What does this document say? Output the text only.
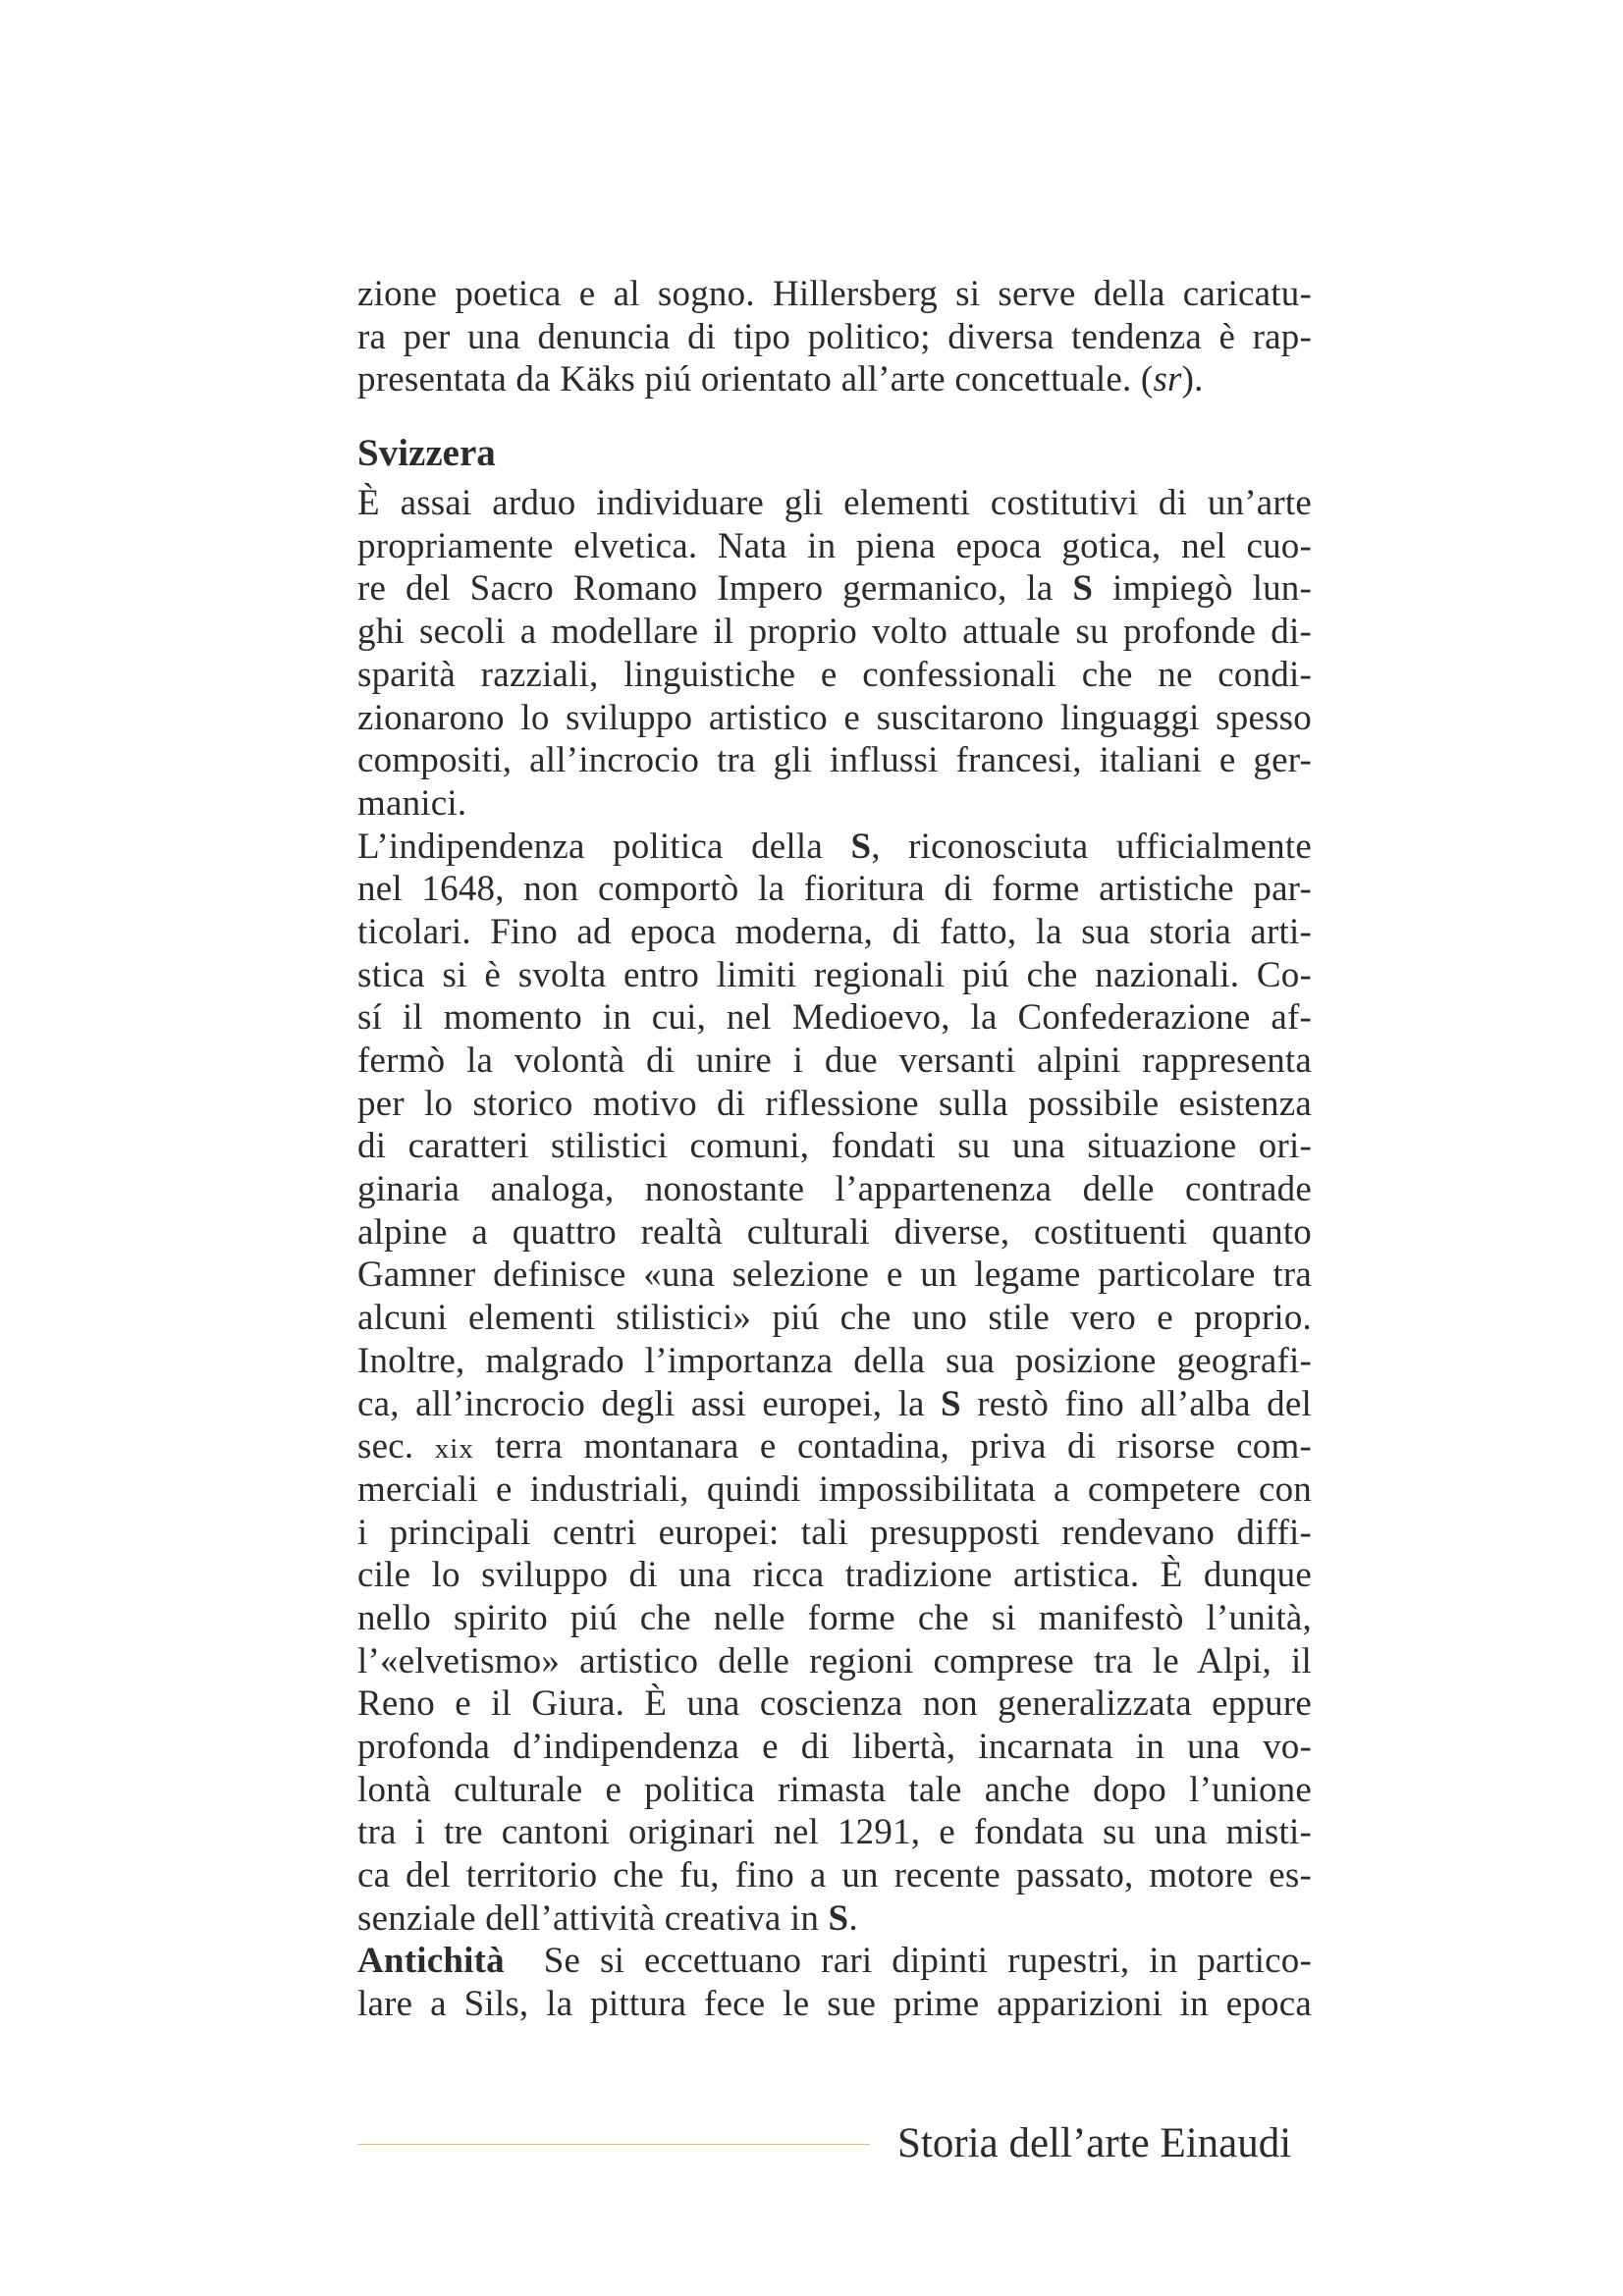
zione poetica e al sogno. Hillersberg si serve della caricatu-
ra per una denuncia di tipo politico; diversa tendenza è rap-
presentata da Käks piú orientato all’arte concettuale. (sr).
Svizzera
È assai arduo individuare gli elementi costitutivi di un’arte
propriamente elvetica. Nata in piena epoca gotica, nel cuo-
re del Sacro Romano Impero germanico, la S impiegò lun-
ghi secoli a modellare il proprio volto attuale su profonde di-
sparità razziali, linguistiche e confessionali che ne condi-
zionarono lo sviluppo artistico e suscitarono linguaggi spesso
compositi, all’incrocio tra gli influssi francesi, italiani e ger-
manici.
L’indipendenza politica della S, riconosciuta ufficialmente
nel 1648, non comportò la fioritura di forme artistiche par-
ticolari. Fino ad epoca moderna, di fatto, la sua storia arti-
stica si è svolta entro limiti regionali piú che nazionali. Co-
sí il momento in cui, nel Medioevo, la Confederazione af-
fermò la volontà di unire i due versanti alpini rappresenta
per lo storico motivo di riflessione sulla possibile esistenza
di caratteri stilistici comuni, fondati su una situazione ori-
ginaria analoga, nonostante l’appartenenza delle contrade
alpine a quattro realtà culturali diverse, costituenti quanto
Gamner definisce «una selezione e un legame particolare tra
alcuni elementi stilistici» piú che uno stile vero e proprio.
Inoltre, malgrado l’importanza della sua posizione geografi-
ca, all’incrocio degli assi europei, la S restò fino all’alba del
sec. xix terra montanara e contadina, priva di risorse com-
merciali e industriali, quindi impossibilitata a competere con
i principali centri europei: tali presupposti rendevano diffi-
cile lo sviluppo di una ricca tradizione artistica. È dunque
nello spirito piú che nelle forme che si manifestò l’unità,
l’«elvetismo» artistico delle regioni comprese tra le Alpi, il
Reno e il Giura. È una coscienza non generalizzata eppure
profonda d’indipendenza e di libertà, incarnata in una vo-
lontà culturale e politica rimasta tale anche dopo l’unione
tra i tre cantoni originari nel 1291, e fondata su una misti-
ca del territorio che fu, fino a un recente passato, motore es-
senziale dell’attività creativa in S.
Antichità  Se si eccettuano rari dipinti rupestri, in partico-
lare a Sils, la pittura fece le sue prime apparizioni in epoca
Storia dell’arte Einaudi
